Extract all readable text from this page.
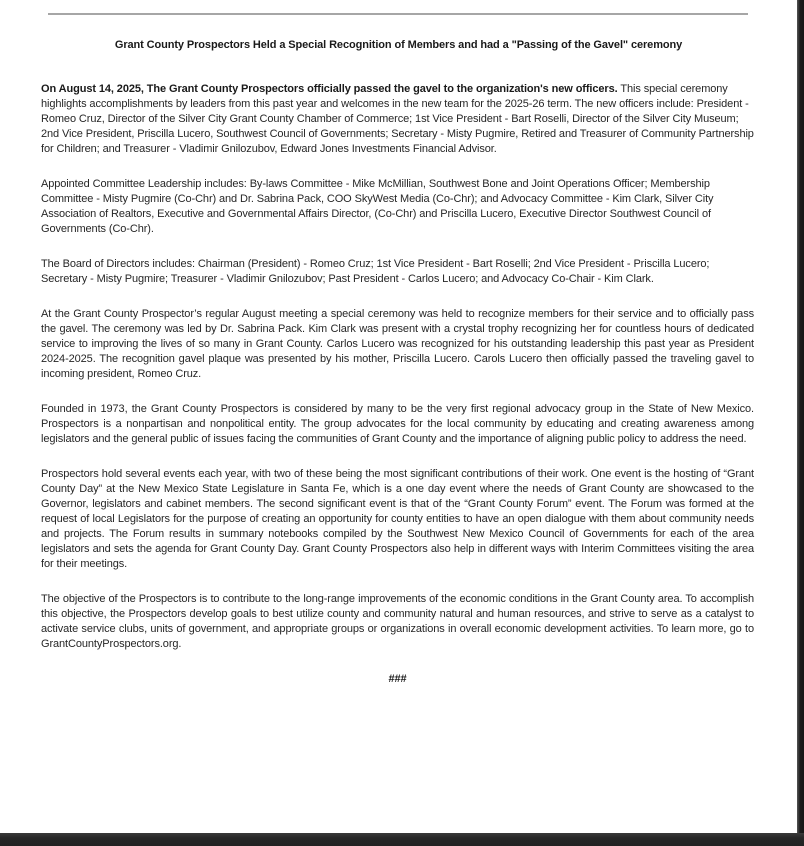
Grant County Prospectors Held a Special Recognition of Members and had a "Passing of the Gavel" ceremony

On August 14, 2025, The Grant County Prospectors officially passed the gavel to the organization's new officers. This special ceremony highlights accomplishments by leaders from this past year and welcomes in the new team for the 2025-26 term. The new officers include: President - Romeo Cruz, Director of the Silver City Grant County Chamber of Commerce; 1st Vice President - Bart Roselli, Director of the Silver City Museum; 2nd Vice President, Priscilla Lucero, Southwest Council of Governments; Secretary - Misty Pugmire, Retired and Treasurer of Community Partnership for Children; and Treasurer - Vladimir Gnilozubov, Edward Jones Investments Financial Advisor.

Appointed Committee Leadership includes: By-laws Committee - Mike McMillian, Southwest Bone and Joint Operations Officer; Membership Committee - Misty Pugmire (Co-Chr) and Dr. Sabrina Pack, COO SkyWest Media (Co-Chr); and Advocacy Committee - Kim Clark, Silver City Association of Realtors, Executive and Governmental Affairs Director, (Co-Chr) and Priscilla Lucero, Executive Director Southwest Council of Governments (Co-Chr).

The Board of Directors includes: Chairman (President) - Romeo Cruz; 1st Vice President - Bart Roselli; 2nd Vice President - Priscilla Lucero; Secretary - Misty Pugmire; Treasurer - Vladimir Gnilozubov; Past President - Carlos Lucero; and Advocacy Co-Chair - Kim Clark.

At the Grant County Prospector’s regular August meeting a special ceremony was held to recognize members for their service and to officially pass the gavel. The ceremony was led by Dr. Sabrina Pack. Kim Clark was present with a crystal trophy recognizing her for countless hours of dedicated service to improving the lives of so many in Grant County. Carlos Lucero was recognized for his outstanding leadership this past year as President 2024-2025. The recognition gavel plaque was presented by his mother, Priscilla Lucero. Carols Lucero then officially passed the traveling gavel to incoming president, Romeo Cruz.

Founded in 1973, the Grant County Prospectors is considered by many to be the very first regional advocacy group in the State of New Mexico. Prospectors is a nonpartisan and nonpolitical entity. The group advocates for the local community by educating and creating awareness among legislators and the general public of issues facing the communities of Grant County and the importance of aligning public policy to address the need.

Prospectors hold several events each year, with two of these being the most significant contributions of their work. One event is the hosting of “Grant County Day” at the New Mexico State Legislature in Santa Fe, which is a one day event where the needs of Grant County are showcased to the Governor, legislators and cabinet members. The second significant event is that of the “Grant County Forum” event. The Forum was formed at the request of local Legislators for the purpose of creating an opportunity for county entities to have an open dialogue with them about community needs and projects. The Forum results in summary notebooks compiled by the Southwest New Mexico Council of Governments for each of the area legislators and sets the agenda for Grant County Day. Grant County Prospectors also help in different ways with Interim Committees visiting the area for their meetings.

The objective of the Prospectors is to contribute to the long-range improvements of the economic conditions in the Grant County area. To accomplish this objective, the Prospectors develop goals to best utilize county and community natural and human resources, and strive to serve as a catalyst to activate service clubs, units of government, and appropriate groups or organizations in overall economic development activities. To learn more, go to GrantCountyProspectors.org.

###
